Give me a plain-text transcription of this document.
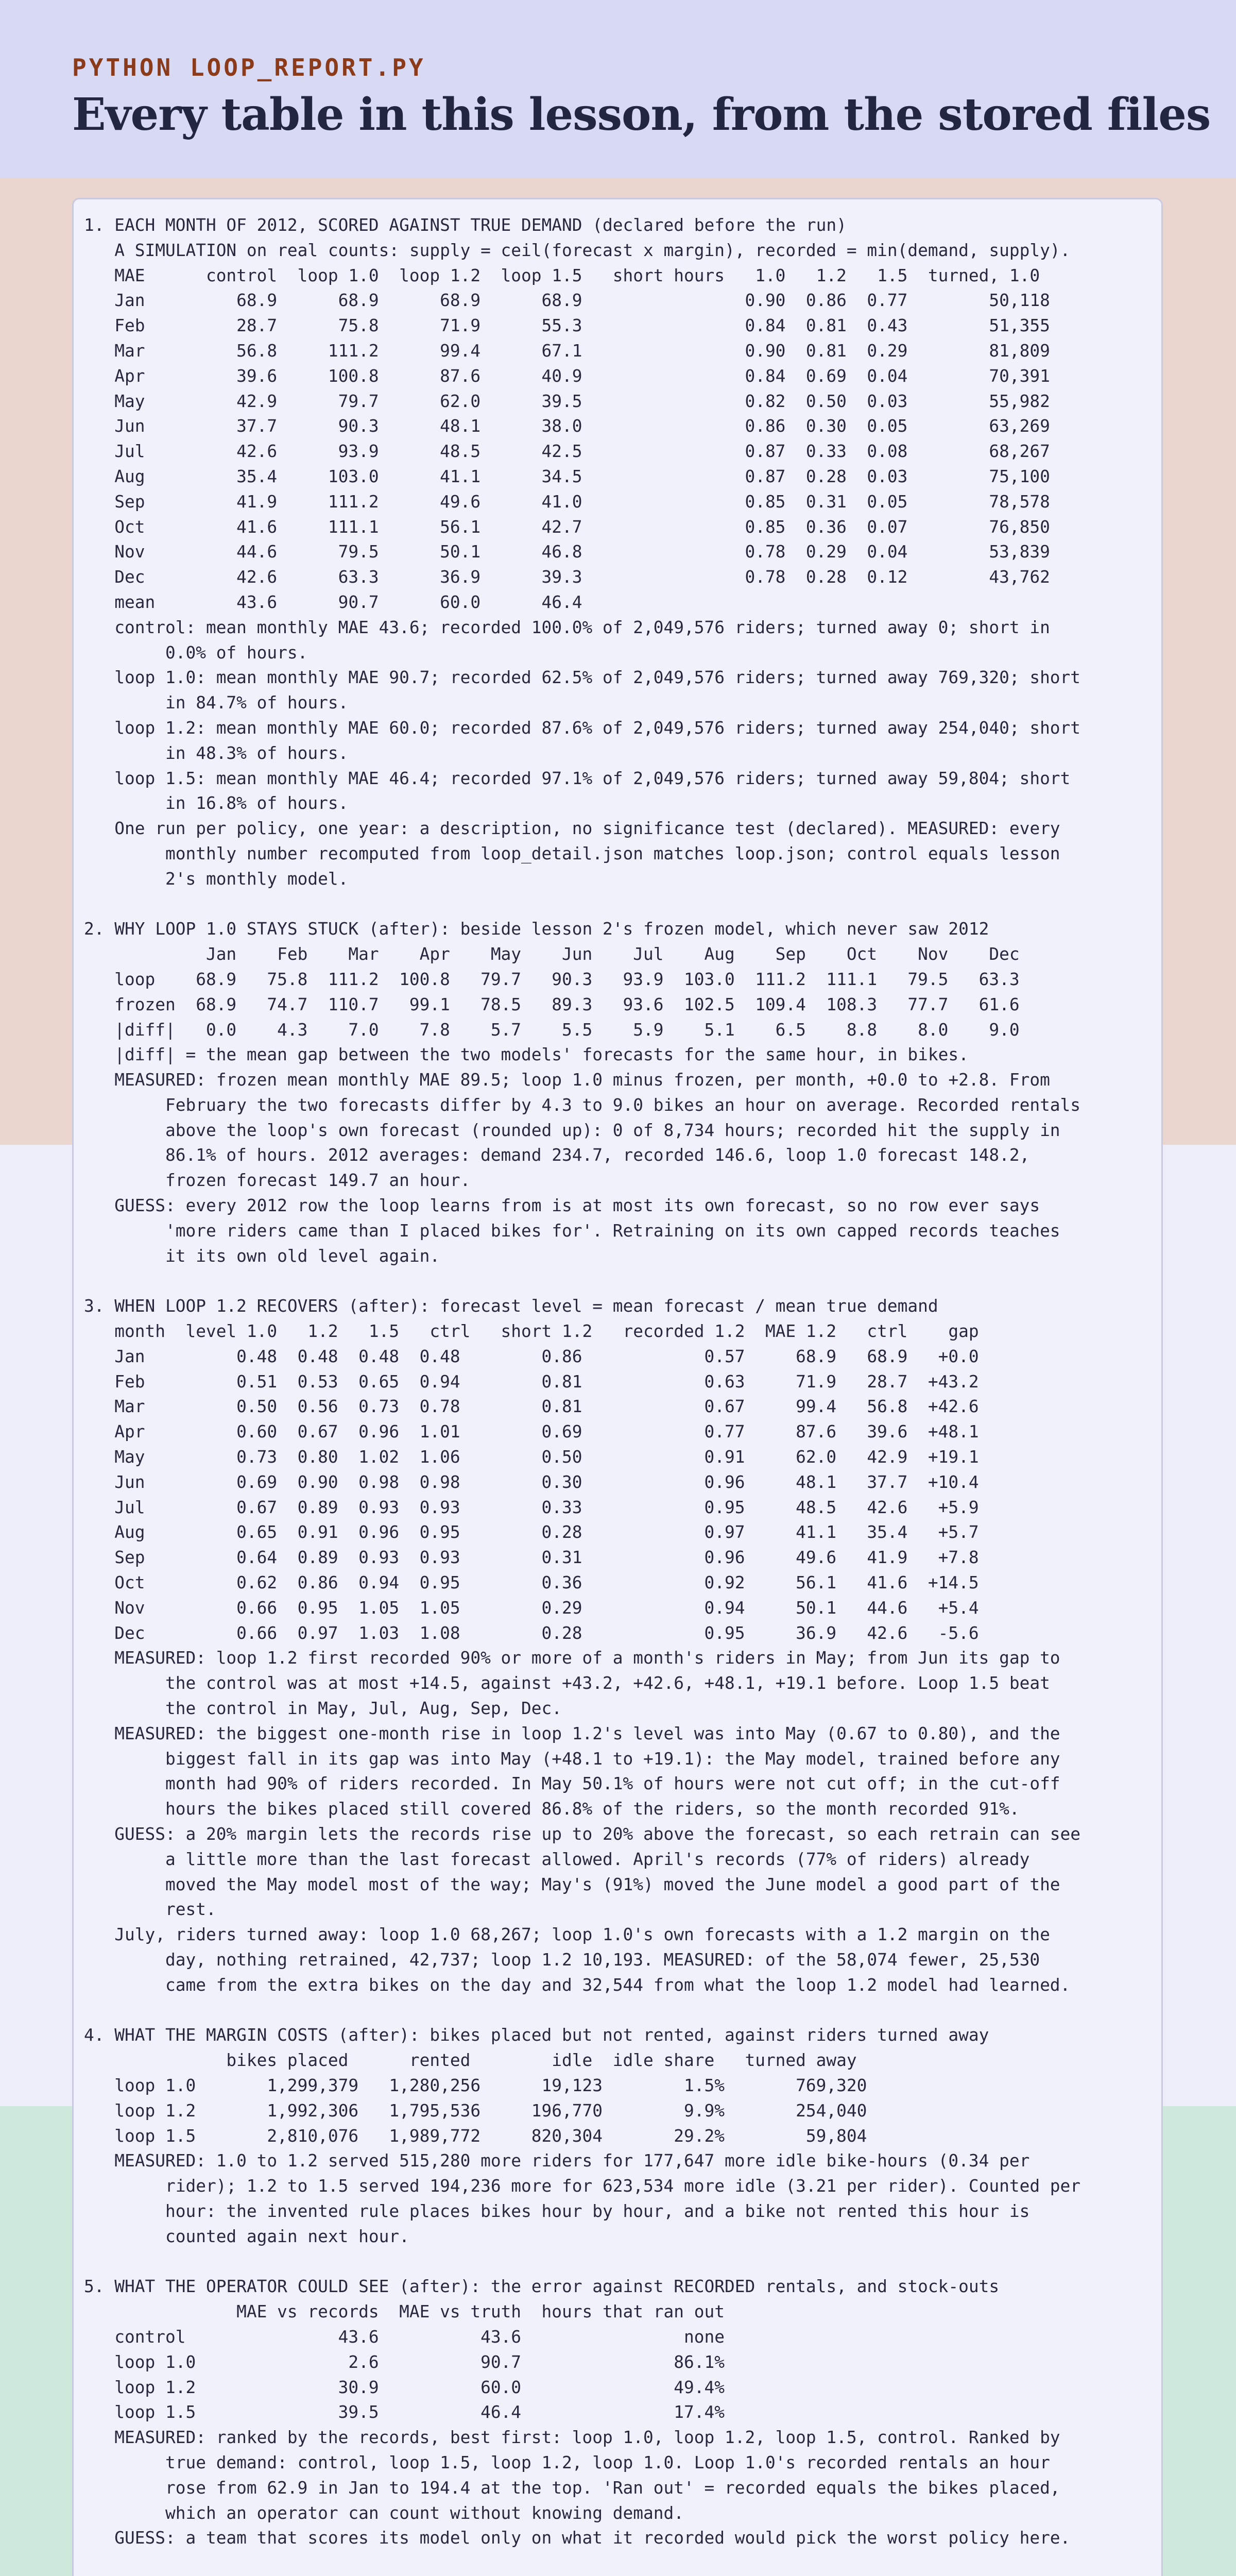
PYTHON LOOP_REPORT.PY
Every table in this lesson, from the stored files
1. EACH MONTH OF 2012, SCORED AGAINST TRUE DEMAND (declared before the run)
A SIMULATION on real counts: supply = ceil(forecast x margin), recorded = min(demand, supply).
MAE      control  loop 1.0  loop 1.2  loop 1.5   short hours   1.0   1.2   1.5  turned, 1.0
Jan         68.9      68.9      68.9      68.9                0.90  0.86  0.77        50,118
Feb         28.7      75.8      71.9      55.3                0.84  0.81  0.43        51,355
Mar         56.8     111.2      99.4      67.1                0.90  0.81  0.29        81,809
Apr         39.6     100.8      87.6      40.9                0.84  0.69  0.04        70,391
May         42.9      79.7      62.0      39.5                0.82  0.50  0.03        55,982
Jun         37.7      90.3      48.1      38.0                0.86  0.30  0.05        63,269
Jul         42.6      93.9      48.5      42.5                0.87  0.33  0.08        68,267
Aug         35.4     103.0      41.1      34.5                0.87  0.28  0.03        75,100
Sep         41.9     111.2      49.6      41.0                0.85  0.31  0.05        78,578
Oct         41.6     111.1      56.1      42.7                0.85  0.36  0.07        76,850
Nov         44.6      79.5      50.1      46.8                0.78  0.29  0.04        53,839
Dec         42.6      63.3      36.9      39.3                0.78  0.28  0.12        43,762
mean        43.6      90.7      60.0      46.4
control: mean monthly MAE 43.6; recorded 100.0% of 2,049,576 riders; turned away 0; short in
0.0% of hours.
loop 1.0: mean monthly MAE 90.7; recorded 62.5% of 2,049,576 riders; turned away 769,320; short
in 84.7% of hours.
loop 1.2: mean monthly MAE 60.0; recorded 87.6% of 2,049,576 riders; turned away 254,040; short
in 48.3% of hours.
loop 1.5: mean monthly MAE 46.4; recorded 97.1% of 2,049,576 riders; turned away 59,804; short
in 16.8% of hours.
One run per policy, one year: a description, no significance test (declared). MEASURED: every
monthly number recomputed from loop_detail.json matches loop.json; control equals lesson
2's monthly model.

2. WHY LOOP 1.0 STAYS STUCK (after): beside lesson 2's frozen model, which never saw 2012
Jan    Feb    Mar    Apr    May    Jun    Jul    Aug    Sep    Oct    Nov    Dec
loop    68.9   75.8  111.2  100.8   79.7   90.3   93.9  103.0  111.2  111.1   79.5   63.3
frozen  68.9   74.7  110.7   99.1   78.5   89.3   93.6  102.5  109.4  108.3   77.7   61.6
|diff|   0.0    4.3    7.0    7.8    5.7    5.5    5.9    5.1    6.5    8.8    8.0    9.0
|diff| = the mean gap between the two models' forecasts for the same hour, in bikes.
MEASURED: frozen mean monthly MAE 89.5; loop 1.0 minus frozen, per month, +0.0 to +2.8. From
February the two forecasts differ by 4.3 to 9.0 bikes an hour on average. Recorded rentals
above the loop's own forecast (rounded up): 0 of 8,734 hours; recorded hit the supply in
86.1% of hours. 2012 averages: demand 234.7, recorded 146.6, loop 1.0 forecast 148.2,
frozen forecast 149.7 an hour.
GUESS: every 2012 row the loop learns from is at most its own forecast, so no row ever says
'more riders came than I placed bikes for'. Retraining on its own capped records teaches
it its own old level again.

3. WHEN LOOP 1.2 RECOVERS (after): forecast level = mean forecast / mean true demand
month  level 1.0   1.2   1.5   ctrl   short 1.2   recorded 1.2  MAE 1.2   ctrl    gap
Jan         0.48  0.48  0.48  0.48        0.86            0.57     68.9   68.9   +0.0
Feb         0.51  0.53  0.65  0.94        0.81            0.63     71.9   28.7  +43.2
Mar         0.50  0.56  0.73  0.78        0.81            0.67     99.4   56.8  +42.6
Apr         0.60  0.67  0.96  1.01        0.69            0.77     87.6   39.6  +48.1
May         0.73  0.80  1.02  1.06        0.50            0.91     62.0   42.9  +19.1
Jun         0.69  0.90  0.98  0.98        0.30            0.96     48.1   37.7  +10.4
Jul         0.67  0.89  0.93  0.93        0.33            0.95     48.5   42.6   +5.9
Aug         0.65  0.91  0.96  0.95        0.28            0.97     41.1   35.4   +5.7
Sep         0.64  0.89  0.93  0.93        0.31            0.96     49.6   41.9   +7.8
Oct         0.62  0.86  0.94  0.95        0.36            0.92     56.1   41.6  +14.5
Nov         0.66  0.95  1.05  1.05        0.29            0.94     50.1   44.6   +5.4
Dec         0.66  0.97  1.03  1.08        0.28            0.95     36.9   42.6   -5.6
MEASURED: loop 1.2 first recorded 90% or more of a month's riders in May; from Jun its gap to
the control was at most +14.5, against +43.2, +42.6, +48.1, +19.1 before. Loop 1.5 beat
the control in May, Jul, Aug, Sep, Dec.
MEASURED: the biggest one-month rise in loop 1.2's level was into May (0.67 to 0.80), and the
biggest fall in its gap was into May (+48.1 to +19.1): the May model, trained before any
month had 90% of riders recorded. In May 50.1% of hours were not cut off; in the cut-off
hours the bikes placed still covered 86.8% of the riders, so the month recorded 91%.
GUESS: a 20% margin lets the records rise up to 20% above the forecast, so each retrain can see
a little more than the last forecast allowed. April's records (77% of riders) already
moved the May model most of the way; May's (91%) moved the June model a good part of the
rest.
July, riders turned away: loop 1.0 68,267; loop 1.0's own forecasts with a 1.2 margin on the
day, nothing retrained, 42,737; loop 1.2 10,193. MEASURED: of the 58,074 fewer, 25,530
came from the extra bikes on the day and 32,544 from what the loop 1.2 model had learned.

4. WHAT THE MARGIN COSTS (after): bikes placed but not rented, against riders turned away
bikes placed      rented        idle  idle share   turned away
loop 1.0       1,299,379   1,280,256      19,123        1.5%       769,320
loop 1.2       1,992,306   1,795,536     196,770        9.9%       254,040
loop 1.5       2,810,076   1,989,772     820,304       29.2%        59,804
MEASURED: 1.0 to 1.2 served 515,280 more riders for 177,647 more idle bike-hours (0.34 per
rider); 1.2 to 1.5 served 194,236 more for 623,534 more idle (3.21 per rider). Counted per
hour: the invented rule places bikes hour by hour, and a bike not rented this hour is
counted again next hour.

5. WHAT THE OPERATOR COULD SEE (after): the error against RECORDED rentals, and stock-outs
MAE vs records  MAE vs truth  hours that ran out
control               43.6          43.6                none
loop 1.0               2.6          90.7               86.1%
loop 1.2              30.9          60.0               49.4%
loop 1.5              39.5          46.4               17.4%
MEASURED: ranked by the records, best first: loop 1.0, loop 1.2, loop 1.5, control. Ranked by
true demand: control, loop 1.5, loop 1.2, loop 1.0. Loop 1.0's recorded rentals an hour
rose from 62.9 in Jan to 194.4 at the top. 'Ran out' = recorded equals the bikes placed,
which an operator can count without knowing demand.
GUESS: a team that scores its model only on what it recorded would pick the worst policy here.
